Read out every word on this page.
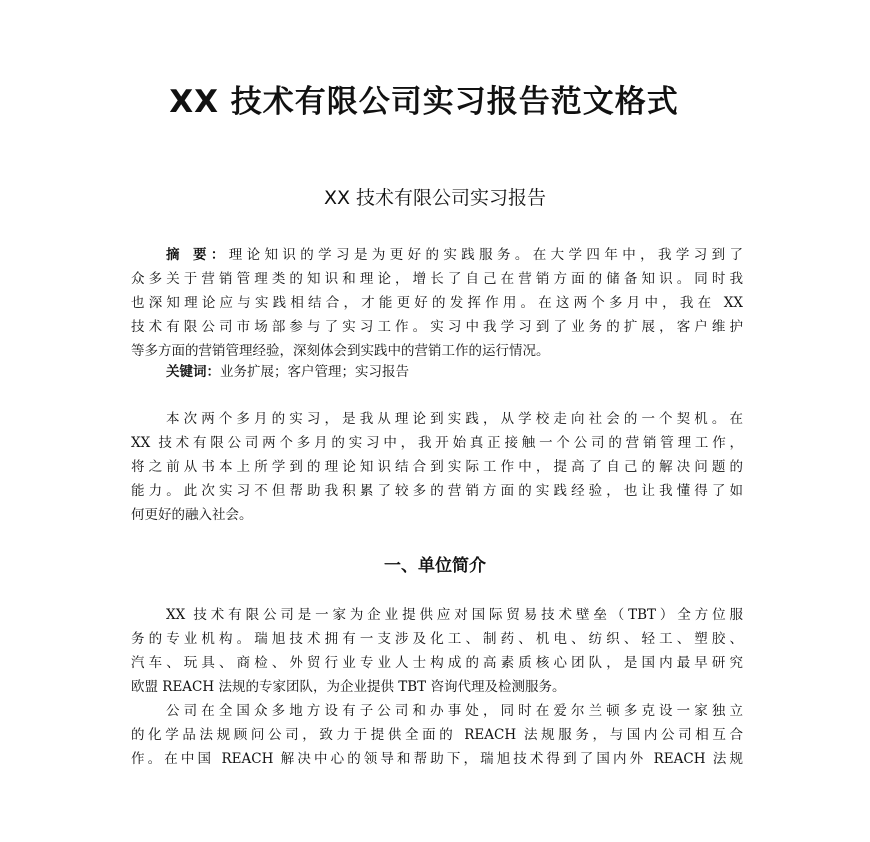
XX 技术有限公司实习报告范文格式
XX 技术有限公司实习报告
摘 要：理论知识的学习是为更好的实践服务。在大学四年中，我学习到了
众多关于营销管理类的知识和理论，增长了自己在营销方面的储备知识。同时我
也深知理论应与实践相结合，才能更好的发挥作用。在这两个多月中，我在 XX
技术有限公司市场部参与了实习工作。实习中我学习到了业务的扩展，客户维护
等多方面的营销管理经验，深刻体会到实践中的营销工作的运行情况。
关键词：业务扩展；客户管理；实习报告
本次两个多月的实习，是我从理论到实践，从学校走向社会的一个契机。在
XX 技术有限公司两个多月的实习中，我开始真正接触一个公司的营销管理工作，
将之前从书本上所学到的理论知识结合到实际工作中，提高了自己的解决问题的
能力。此次实习不但帮助我积累了较多的营销方面的实践经验，也让我懂得了如
何更好的融入社会。
一、单位简介
XX 技术有限公司是一家为企业提供应对国际贸易技术壁垒（TBT）全方位服
务的专业机构。瑞旭技术拥有一支涉及化工、制药、机电、纺织、轻工、塑胶、
汽车、玩具、商检、外贸行业专业人士构成的高素质核心团队，是国内最早研究
欧盟 REACH 法规的专家团队，为企业提供 TBT 咨询代理及检测服务。
公司在全国众多地方设有子公司和办事处，同时在爱尔兰顿多克设一家独立
的化学品法规顾问公司，致力于提供全面的 REACH 法规服务，与国内公司相互合
作。在中国 REACH 解决中心的领导和帮助下，瑞旭技术得到了国内外 REACH 法规
